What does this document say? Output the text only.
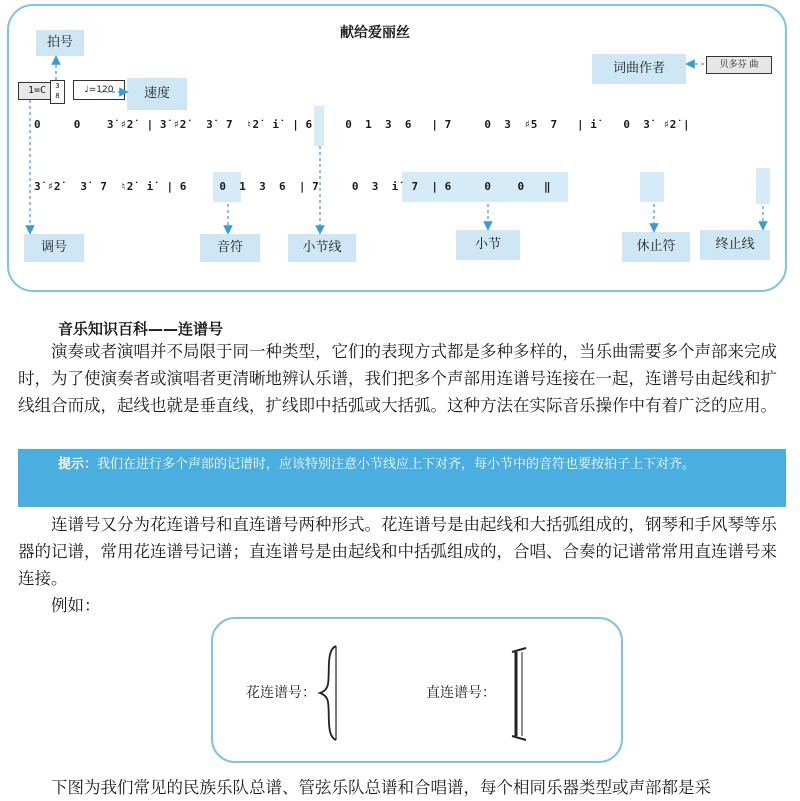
献给爱丽丝
拍号
速度
词曲作者
调号	音符	小节线	小节	休止符	终止线
1=C	3
8
♩=120
贝多芬 曲
0     0    3̇ ♯2̇  | 3̇ ♯2̇   3̇  7  ♮2̇  i̇  | 6     0  1  3  6   | 7     0  3  ♯5  7   | i̇    0  3̇  ♯2̇ |
3̇ ♯2̇   3̇  7  ♮2̇  i̇  | 6     0  1  3  6  | 7     0  3  i̇  7  | 6     0    0   ‖
音乐知识百科——连谱号

演奏或者演唱并不局限于同一种类型，它们的表现方式都是多种多样的，当乐曲需要多个声部来完成时，为了使演奏者或演唱者更清晰地辨认乐谱，我们把多个声部用连谱号连接在一起，连谱号由起线和扩线组合而成，起线也就是垂直线，扩线即中括弧或大括弧。这种方法在实际音乐操作中有着广泛的应用。

提示：我们在进行多个声部的记谱时，应该特别注意小节线应上下对齐，每小节中的音符也要按拍子上下对齐。

连谱号又分为花连谱号和直连谱号两种形式。花连谱号是由起线和大括弧组成的，钢琴和手风琴等乐器的记谱，常用花连谱号记谱；直连谱号是由起线和中括弧组成的，合唱、合奏的记谱常常用直连谱号来连接。

例如：

花连谱号：	直连谱号：

下图为我们常见的民族乐队总谱、管弦乐队总谱和合唱谱，每个相同乐器类型或声部都是采
